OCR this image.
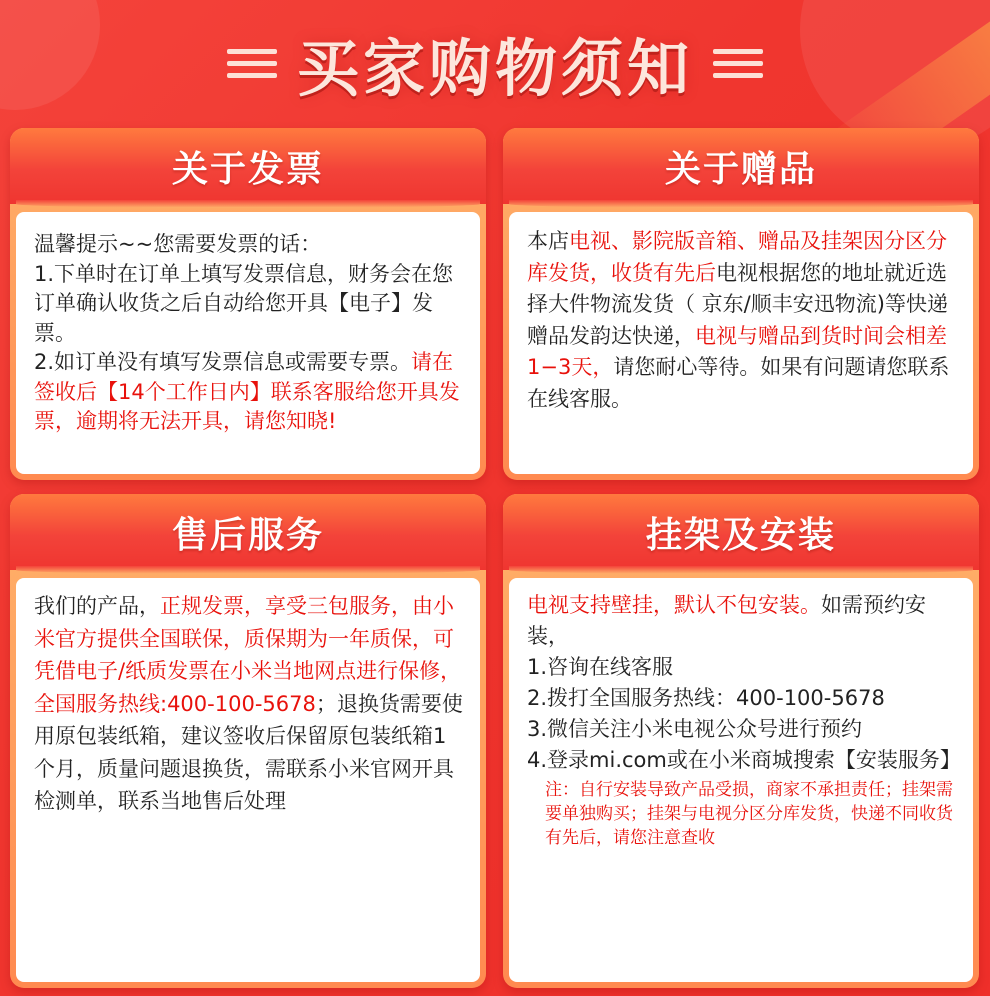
买家购物须知
关于发票

温馨提示~~您需要发票的话：

1.下单时在订单上填写发票信息，财务会在您订单确认收货之后自动给您开具【电子】发票。

2.如订单没有填写发票信息或需要专票。请在签收后【14个工作日内】联系客服给您开具发票，逾期将无法开具，请您知晓!

关于赠品

本店电视、影院版音箱、赠品及挂架因分区分库发货，收货有先后电视根据您的地址就近选择大件物流发货（ 京东/顺丰安迅物流)等快递赠品发韵达快递，电视与赠品到货时间会相差1−3天，请您耐心等待。如果有问题请您联系在线客服。

售后服务

我们的产品，正规发票，享受三包服务，由小米官方提供全国联保，质保期为一年质保，可凭借电子/纸质发票在小米当地网点进行保修，全国服务热线:400-100-5678；退换货需要使用原包装纸箱，建议签收后保留原包装纸箱1个月，质量问题退换货，需联系小米官网开具检测单，联系当地售后处理

挂架及安装

电视支持壁挂，默认不包安装。如需预约安装，

1.咨询在线客服

2.拨打全国服务热线：400-100-5678

3.微信关注小米电视公众号进行预约

4.登录mi.com或在小米商城搜索【安装服务】

注：自行安装导致产品受损，商家不承担责任；挂架需要单独购买；挂架与电视分区分库发货，快递不同收货有先后，请您注意查收
